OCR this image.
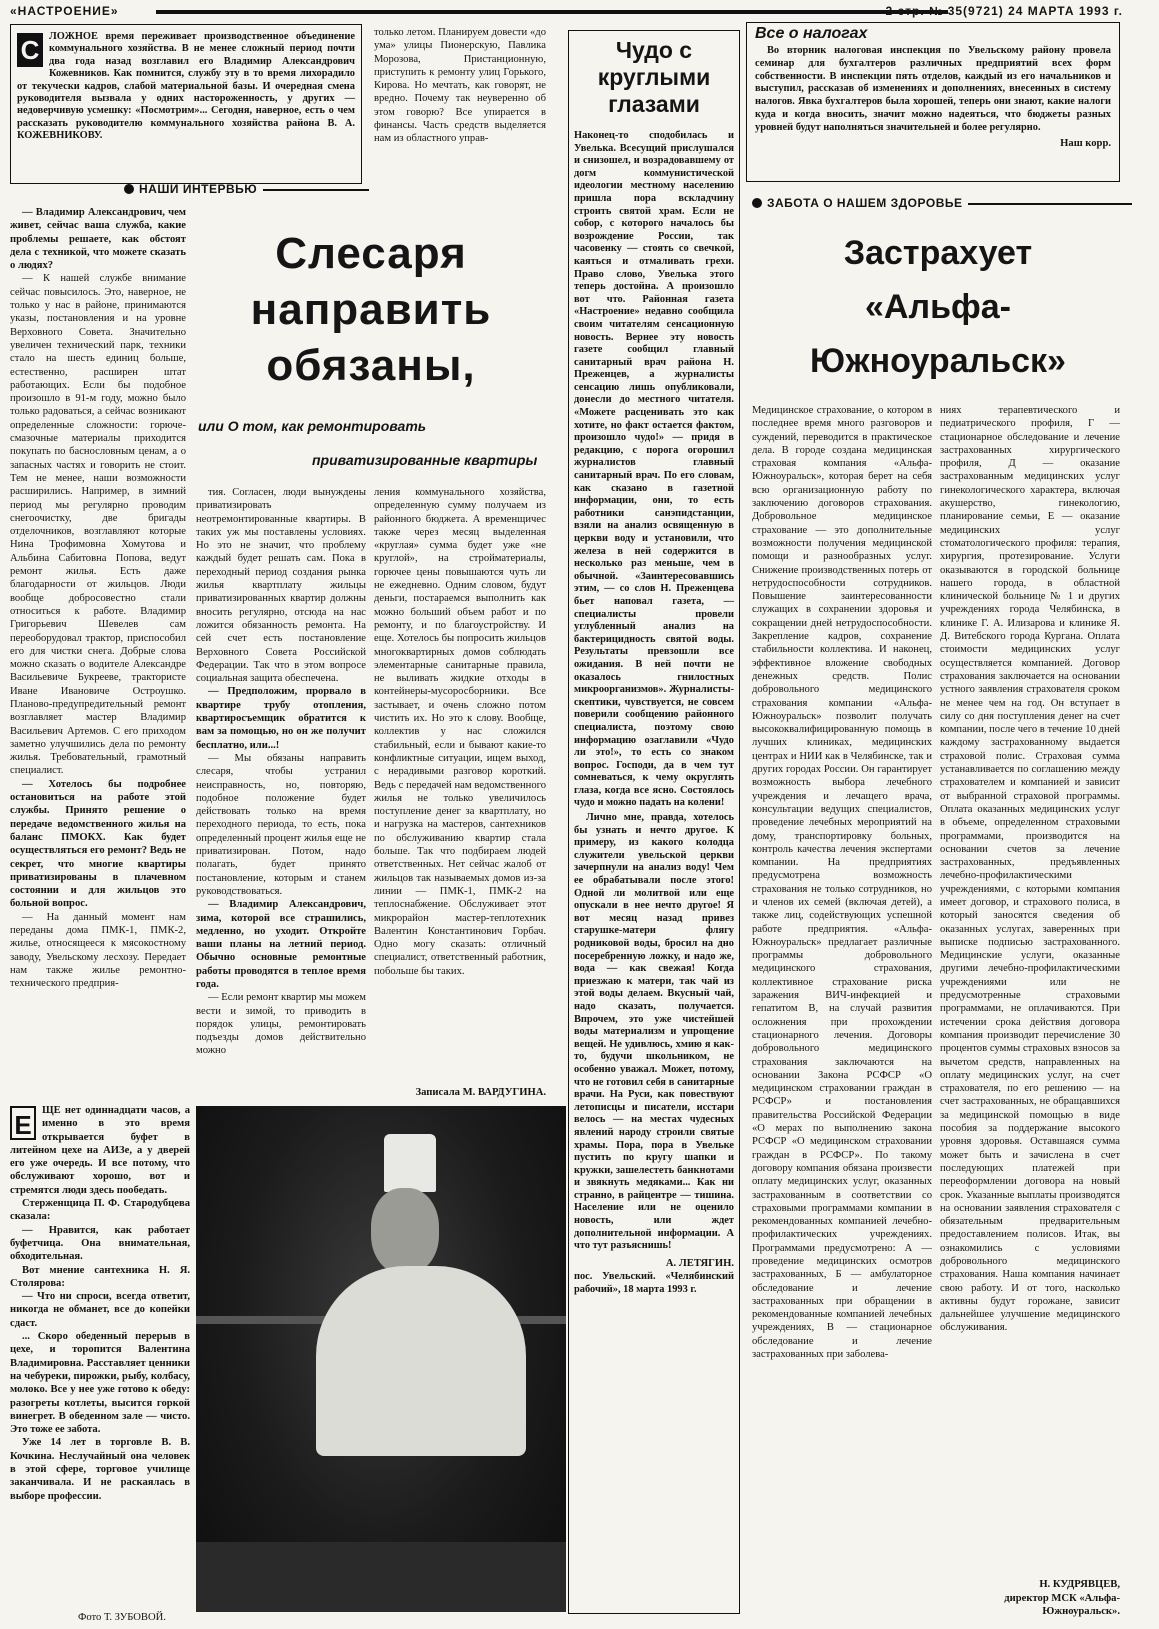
«НАСТРОЕНИЕ»	2 стр. № 35(9721) 24 МАРТА 1993 г.
С ЛОЖНОЕ время переживает производственное объединение коммунального хозяйства. В не менее сложный период почти два года назад возглавил его Владимир Александрович Кожевников. Как помнится, службу эту в то время лихорадило от текучески кадров, слабой материальной базы. И очередная смена руководителя вызвала у одних настороженность, у других — недоверчивую усмешку: «Посмотрим»... Сегодня, наверное, есть о чем рассказать руководителю коммунального хозяйства района В. А. КОЖЕВНИКОВУ.
НАШИ ИНТЕРВЬЮ
только летом. Планируем довести «до ума» улицы Пионерскую, Павлика Морозова, Пристанционную, приступить к ремонту улиц Горького, Кирова. Но мечтать, как говорят, не вредно. Почему так неуверенно об этом говорю? Все упирается в финансы. Часть средств выделяется нам из областного управ-
Слесаря направить обязаны,
или О том, как ремонтировать
приватизированные квартиры

— Владимир Александрович, чем живет, сейчас ваша служба, какие проблемы решаете, как обстоят дела с техникой, что можете сказать о людях?

— К нашей службе внимание сейчас повысилось. Это, наверное, не только у нас в районе, принимаются указы, постановления и на уровне Верховного Совета. Значительно увеличен технический парк, техники стало на шесть единиц больше, естественно, расширен штат работающих. Если бы подобное произошло в 91-м году, можно было только радоваться, а сейчас возникают определенные сложности: горюче-смазочные материалы приходится покупать по баснословным ценам, а о запасных частях и говорить не стоит. Тем не менее, наши возможности расширились. Например, в зимний период мы регулярно проводим снегоочистку, две бригады отделочников, возглавляют которые Нина Трофимовна Хомутова и Альбина Сабитовна Попова, ведут ремонт жилья. Есть даже благодарности от жильцов. Люди вообще добросовестно стали относиться к работе. Владимир Григорьевич Шевелев сам переоборудовал трактор, приспособил его для чистки снега. Добрые слова можно сказать о водителе Александре Васильевиче Букрееве, трактористе Иване Ивановиче Остроушко. Планово-предупредительный ремонт возглавляет мастер Владимир Васильевич Артемов. С его приходом заметно улучшились дела по ремонту жилья. Требовательный, грамотный специалист.

— Хотелось бы подробнее остановиться на работе этой службы. Принято решение о передаче ведомственного жилья на баланс ПМОКХ. Как будет осуществляться его ремонт? Ведь не секрет, что многие квартиры приватизированы в плачевном состоянии и для жильцов это больной вопрос.

— На данный момент нам переданы дома ПМК-1, ПМК-2, жилье, относящееся к мясокостному заводу, Увельскому лесхозу. Передает нам также жилье ремонтно-технического предприя-

тия. Согласен, люди вынуждены приватизировать неотремонтированные квартиры. В таких уж мы поставлены условиях. Но это не значит, что проблему каждый будет решать сам. Пока в переходный период создания рынка жилья квартплату жильцы приватизированных квартир должны вносить регулярно, отсюда на нас ложится обязанность ремонта. На сей счет есть постановление Верховного Совета Российской Федерации. Так что в этом вопросе социальная защита обеспечена.

— Предположим, прорвало в квартире трубу отопления, квартиросъемщик обратится к вам за помощью, но он же получит бесплатно, или...!

— Мы обязаны направить слесаря, чтобы устранил неисправность, но, повторяю, подобное положение будет действовать только на время переходного периода, то есть, пока определенный процент жилья еще не приватизирован. Потом, надо полагать, будет принято постановление, которым и станем руководствоваться.

— Владимир Александрович, зима, которой все страшились, медленно, но уходит. Откройте ваши планы на летний период. Обычно основные ремонтные работы проводятся в теплое время года.

— Если ремонт квартир мы можем вести и зимой, то приводить в порядок улицы, ремонтировать подъезды домов действительно можно

ления коммунального хозяйства, определенную сумму получаем из районного бюджета. А временщичес также через месяц выделенная «круглая» сумма будет уже «не круглой», на стройматериалы, горючее цены повышаются чуть ли не ежедневно. Одним словом, будут деньги, постараемся выполнить как можно больший объем работ и по ремонту, и по благоустройству. И еще. Хотелось бы попросить жильцов многоквартирных домов соблюдать элементарные санитарные правила, не выливать жидкие отходы в контейнеры-мусоросборники. Все застывает, и очень сложно потом чистить их. Но это к слову. Вообще, коллектив у нас сложился стабильный, если и бывают какие-то конфликтные ситуации, ищем выход, с нерадивыми разговор короткий. Ведь с передачей нам ведомственного жилья не только увеличилось поступление денег за квартплату, но и нагрузка на мастеров, сантехников по обслуживанию квартир стала больше. Так что подбираем людей ответственных. Нет сейчас жалоб от жильцов так называемых домов из-за линии — ПМК-1, ПМК-2 на теплоснабжение. Обслуживает этот микрорайон мастер-теплотехник Валентин Константинович Горбач. Одно могу сказать: отличный специалист, ответственный работник, побольше бы таких.
Записала М. ВАРДУГИНА.
Е ЩЕ нет одиннадцати часов, а именно в это время открывается буфет в литейном цехе на АИЗе, а у дверей его уже очередь. И все потому, что обслуживают хорошо, вот и стремятся люди здесь пообедать.

Стерженщица П. Ф. Стародубцева сказала:

— Нравится, как работает буфетчица. Она внимательная, обходительная.

Вот мнение сантехника Н. Я. Столярова:

— Что ни спроси, всегда ответит, никогда не обманет, все до копейки сдаст.

... Скоро обеденный перерыв в цехе, и торопится Валентина Владимировна. Расставляет ценники на чебуреки, пирожки, рыбу, колбасу, молоко. Все у нее уже готово к обеду: разогреты котлеты, высится горкой винегрет. В обеденном зале — чисто. Это тоже ее забота.

Уже 14 лет в торговле В. В. Кочкина. Неслучайный она человек в этой сфере, торговое училище заканчивала. И не раскаялась в выборе профессии.

Фото Т. ЗУБОВОЙ.
Чудо с круглыми глазами
Наконец-то сподобилась и Увелька. Всесущий прислушался и снизошел, и возрадовавшему от догм коммунистической идеологии местному населению пришла пора вскладчину строить святой храм. Если не собор, с которого началось бы возрождение России, так часовенку — стоять со свечкой, каяться и отмаливать грехи. Право слово, Увелька этого теперь достойна. А произошло вот что. Районная газета «Настроение» недавно сообщила своим читателям сенсационную новость. Вернее эту новость газете сообщил главный санитарный врач района Н. Преженцев, а журналисты сенсацию лишь опубликовали, донесли до местного читателя. «Можете расценивать это как хотите, но факт остается фактом, произошло чудо!» — придя в редакцию, с порога огорошил журналистов главный санитарный врач. По его словам, как сказано в газетной информации, они, то есть работники санэпидстанции, взяли на анализ освященную в церкви воду и установили, что железа в ней содержится в несколько раз меньше, чем в обычной. «Заинтересовавшись этим, — со слов Н. Преженцева бьет наповал газета, — специалисты провели углубленный анализ на бактерицидность святой воды. Результаты превзошли все ожидания. В ней почти не оказалось гнилостных микроорганизмов». Журналисты-скептики, чувствуется, не совсем поверили сообщению районного специалиста, поэтому свою информацию озаглавили «Чудо ли это!», то есть со знаком вопрос. Господи, да в чем тут сомневаться, к чему округлять глаза, когда все ясно. Состоялось чудо и можно падать на колени!
Лично мне, правда, хотелось бы узнать и нечто другое. К примеру, из какого колодца служители увельской церкви зачерпнули на анализ воду! Чем ее обрабатывали после этого! Одной ли молитвой или еще опускали в нее нечто другое! Я вот месяц назад привез старушке-матери флягу родниковой воды, бросил на дно посеребренную ложку, и надо же, вода — как свежая! Когда приезжаю к матери, так чай из этой воды делаем. Вкусный чай, надо сказать, получается. Впрочем, это уже чистейшей воды материализм и упрощение вещей. Не удивлюсь, хмию я как-то, будучи школьником, не особенно уважал. Может, потому, что не готовил себя в санитарные врачи. На Руси, как повествуют летописцы и писатели, исстари велось — на местах чудесных явлений народу строили святые храмы. Пора, пора в Увельке пустить по кругу шапки и кружки, зашелестеть банкнотами и звякнуть медяками... Как ни странно, в райцентре — тишина. Население или не оценило новость, или ждет дополнительной информации. А что тут разъяснишь!
А. ЛЕТЯГИН.
пос. Увельский. «Челябинский рабочий», 18 марта 1993 г.
Все о налогах
Во вторник налоговая инспекция по Увельскому району провела семинар для бухгалтеров различных предприятий всех форм собственности. В инспекции пять отделов, каждый из его начальников и выступил, рассказав об изменениях и дополнениях, внесенных в систему налогов. Явка бухгалтеров была хорошей, теперь они знают, какие налоги куда и когда вносить, значит можно надеяться, что бюджеты разных уровней будут наполняться значительней и более регулярно.
Наш корр.
ЗАБОТА О НАШЕМ ЗДОРОВЬЕ
Застрахует «Альфа-Южноуральск»
Медицинское страхование, о котором в последнее время много разговоров и суждений, переводится в практическое дела. В городе создана медицинская страховая компания «Альфа-Южноуральск», которая берет на себя всю организационную работу по заключению договоров страхования. Добровольное медицинское страхование — это дополнительные возможности получения медицинской помощи и разнообразных услуг. Снижение производственных потерь от нетрудоспособности сотрудников. Повышение заинтересованности служащих в сохранении здоровья и сокращении дней нетрудоспособности. Закрепление кадров, сохранение стабильности коллектива. И наконец, эффективное вложение свободных денежных средств. Полис добровольного медицинского страхования компании «Альфа-Южноуральск» позволит получать высококвалифицированную помощь в лучших клиниках, медицинских центрах и НИИ как в Челябинске, так и других городах России. Он гарантирует возможность выбора лечебного учреждения и лечащего врача, консультации ведущих специалистов, проведение лечебных мероприятий на дому, транспортировку больных, контроль качества лечения экспертами компании. На предприятиях предусмотрена возможность страхования не только сотрудников, но и членов их семей (включая детей), а также лиц, содействующих успешной работе предприятия. «Альфа-Южноуральск» предлагает различные программы добровольного медицинского страхования, коллективное страхование риска заражения ВИЧ-инфекцией и гепатитом В, на случай развития осложнения при прохождении стационарного лечения. Договоры добровольного медицинского страхования заключаются на основании Закона РСФСР «О медицинском страховании граждан в РСФСР» и постановления правительства Российской Федерации «О мерах по выполнению закона РСФСР «О медицинском страховании граждан в РСФСР». По такому договору компания обязана произвести оплату медицинских услуг, оказанных застрахованным в соответствии со страховыми программами компании в рекомендованных компанией лечебно-профилактических учреждениях. Программами предусмотрено: А — проведение медицинских осмотров застрахованных, Б — амбулаторное обследование и лечение застрахованных при обращении в рекомендованные компанией лечебных учреждениях, В — стационарное обследование и лечение застрахованных при заболева-
ниях терапевтического и педиатрического профиля, Г — стационарное обследование и лечение застрахованных хирургического профиля, Д — оказание застрахованным медицинских услуг гинекологического характера, включая акушерство, гинекологию, планирование семьи, Е — оказание медицинских услуг стоматологического профиля: терапия, хирургия, протезирование. Услуги оказываются в городской больнице нашего города, в областной клинической больнице № 1 и других учреждениях города Челябинска, в клинике Г. А. Илизарова и клинике Я. Д. Витебского города Кургана. Оплата стоимости медицинских услуг осуществляется компанией. Договор страхования заключается на основании устного заявления страхователя сроком не менее чем на год. Он вступает в силу со дня поступления денег на счет компании, после чего в течение 10 дней каждому застрахованному выдается страховой полис. Страховая сумма устанавливается по соглашению между страхователем и компанией и зависит от выбранной страховой программы. Оплата оказанных медицинских услуг в объеме, определенном страховыми программами, производится на основании счетов за лечение застрахованных, предъявленных лечебно-профилактическими учреждениями, с которыми компания имеет договор, и страхового полиса, в который заносятся сведения об оказанных услугах, заверенных при выписке подписью застрахованного. Медицинские услуги, оказанные другими лечебно-профилактическими учреждениями или не предусмотренные страховыми программами, не оплачиваются. При истечении срока действия договора компания производит перечисление 30 процентов суммы страховых взносов за вычетом средств, направленных на оплату медицинских услуг, на счет страхователя, по его решению — на счет застрахованных, не обращавшихся за медицинской помощью в виде пособия за поддержание высокого уровня здоровья. Оставшаяся сумма может быть и зачислена в счет последующих платежей при переоформлении договора на новый срок. Указанные выплаты производятся на основании заявления страхователя с обязательным предварительным предоставлением полисов. Итак, вы ознакомились с условиями добровольного медицинского страхования. Наша компания начинает свою работу. И от того, насколько активны будут горожане, зависит дальнейшее улучшение медицинского обслуживания.
Н. КУДРЯВЦЕВ,
директор МСК «Альфа-Южноуральск».
